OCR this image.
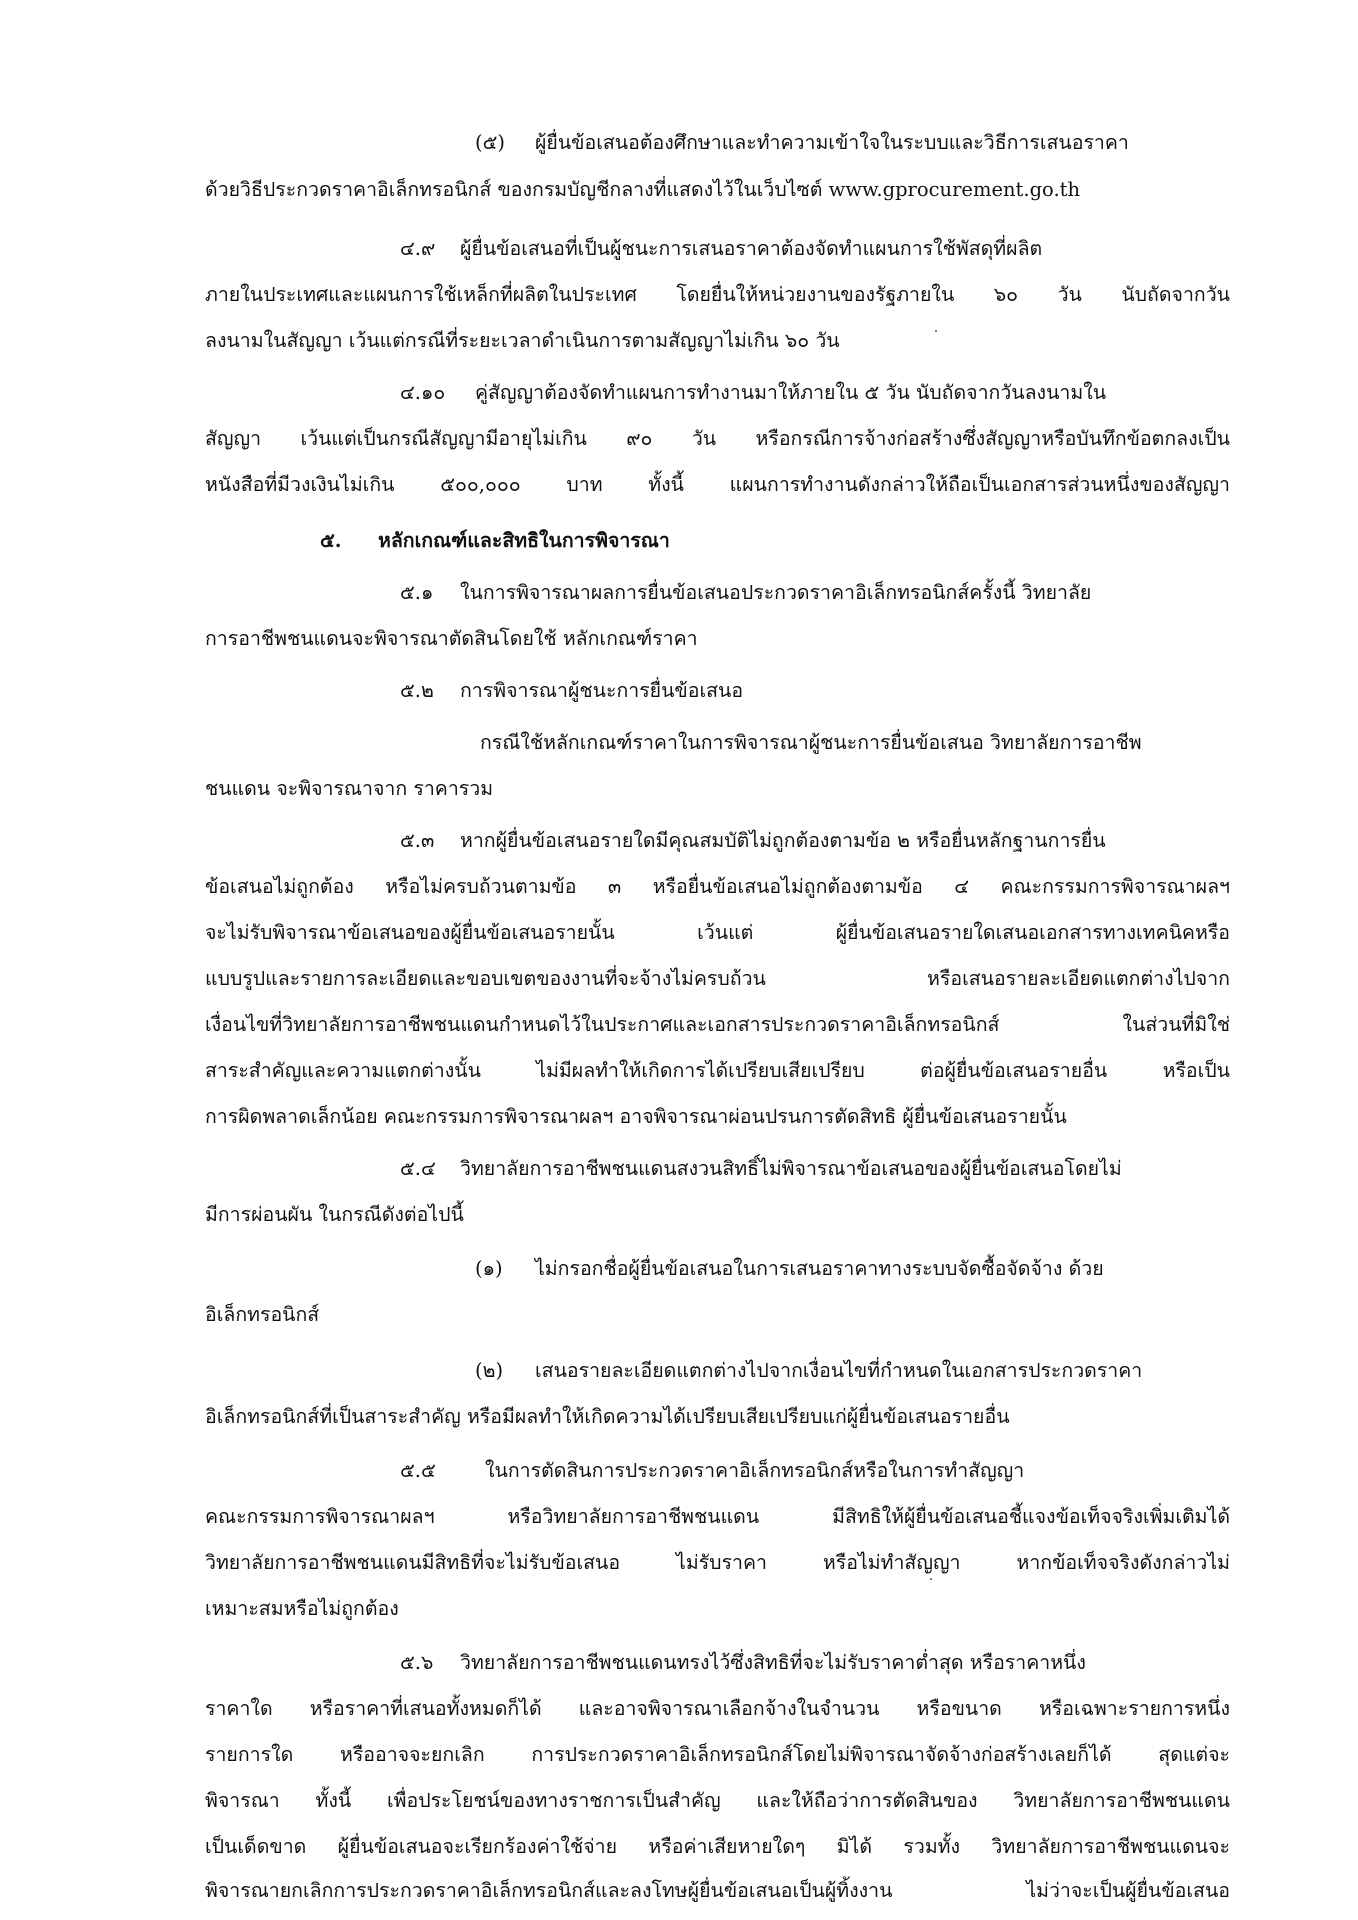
(๕) ผู้ยื่นข้อเสนอต้องศึกษาและทำความเข้าใจในระบบและวิธีการเสนอราคา
ด้วยวิธีประกวดราคาอิเล็กทรอนิกส์ ของกรมบัญชีกลางที่แสดงไว้ในเว็บไซต์ www.gprocurement.go.th
๔.๙ ผู้ยื่นข้อเสนอที่เป็นผู้ชนะการเสนอราคาต้องจัดทำแผนการใช้พัสดุที่ผลิต
ภายในประเทศและแผนการใช้เหล็กที่ผลิตในประเทศ โดยยื่นให้หน่วยงานของรัฐภายใน ๖๐ วัน นับถัดจากวัน
ลงนามในสัญญา เว้นแต่กรณีที่ระยะเวลาดำเนินการตามสัญญาไม่เกิน ๖๐ วัน
๔.๑๐ คู่สัญญาต้องจัดทำแผนการทำงานมาให้ภายใน ๕ วัน นับถัดจากวันลงนามใน
สัญญา เว้นแต่เป็นกรณีสัญญามีอายุไม่เกิน ๙๐ วัน หรือกรณีการจ้างก่อสร้างซึ่งสัญญาหรือบันทึกข้อตกลงเป็น
หนังสือที่มีวงเงินไม่เกิน ๕๐๐,๐๐๐ บาท ทั้งนี้ แผนการทำงานดังกล่าวให้ถือเป็นเอกสารส่วนหนึ่งของสัญญา
๕. หลักเกณฑ์และสิทธิในการพิจารณา
๕.๑ ในการพิจารณาผลการยื่นข้อเสนอประกวดราคาอิเล็กทรอนิกส์ครั้งนี้ วิทยาลัย
การอาชีพชนแดนจะพิจารณาตัดสินโดยใช้ หลักเกณฑ์ราคา
๕.๒ การพิจารณาผู้ชนะการยื่นข้อเสนอ
กรณีใช้หลักเกณฑ์ราคาในการพิจารณาผู้ชนะการยื่นข้อเสนอ วิทยาลัยการอาชีพ
ชนแดน จะพิจารณาจาก ราคารวม
๕.๓ หากผู้ยื่นข้อเสนอรายใดมีคุณสมบัติไม่ถูกต้องตามข้อ ๒ หรือยื่นหลักฐานการยื่น
ข้อเสนอไม่ถูกต้อง หรือไม่ครบถ้วนตามข้อ ๓ หรือยื่นข้อเสนอไม่ถูกต้องตามข้อ ๔ คณะกรรมการพิจารณาผลฯ
จะไม่รับพิจารณาข้อเสนอของผู้ยื่นข้อเสนอรายนั้น เว้นแต่ ผู้ยื่นข้อเสนอรายใดเสนอเอกสารทางเทคนิคหรือ
แบบรูปและรายการละเอียดและขอบเขตของงานที่จะจ้างไม่ครบถ้วน หรือเสนอรายละเอียดแตกต่างไปจาก
เงื่อนไขที่วิทยาลัยการอาชีพชนแดนกำหนดไว้ในประกาศและเอกสารประกวดราคาอิเล็กทรอนิกส์ ในส่วนที่มิใช่
สาระสำคัญและความแตกต่างนั้น ไม่มีผลทำให้เกิดการได้เปรียบเสียเปรียบ ต่อผู้ยื่นข้อเสนอรายอื่น หรือเป็น
การผิดพลาดเล็กน้อย คณะกรรมการพิจารณาผลฯ อาจพิจารณาผ่อนปรนการตัดสิทธิ ผู้ยื่นข้อเสนอรายนั้น
๕.๔ วิทยาลัยการอาชีพชนแดนสงวนสิทธิ์ไม่พิจารณาข้อเสนอของผู้ยื่นข้อเสนอโดยไม่
มีการผ่อนผัน ในกรณีดังต่อไปนี้
(๑) ไม่กรอกชื่อผู้ยื่นข้อเสนอในการเสนอราคาทางระบบจัดซื้อจัดจ้าง ด้วย
อิเล็กทรอนิกส์
(๒) เสนอรายละเอียดแตกต่างไปจากเงื่อนไขที่กำหนดในเอกสารประกวดราคา
อิเล็กทรอนิกส์ที่เป็นสาระสำคัญ หรือมีผลทำให้เกิดความได้เปรียบเสียเปรียบแก่ผู้ยื่นข้อเสนอรายอื่น
๕.๕	ในการตัดสินการประกวดราคาอิเล็กทรอนิกส์หรือในการทำสัญญา
คณะกรรมการพิจารณาผลฯ หรือวิทยาลัยการอาชีพชนแดน มีสิทธิให้ผู้ยื่นข้อเสนอชี้แจงข้อเท็จจริงเพิ่มเติมได้
วิทยาลัยการอาชีพชนแดนมีสิทธิที่จะไม่รับข้อเสนอ ไม่รับราคา หรือไม่ทำสัญญา หากข้อเท็จจริงดังกล่าวไม่
เหมาะสมหรือไม่ถูกต้อง
๕.๖ วิทยาลัยการอาชีพชนแดนทรงไว้ซึ่งสิทธิที่จะไม่รับราคาต่ำสุด หรือราคาหนึ่ง
ราคาใด หรือราคาที่เสนอทั้งหมดก็ได้ และอาจพิจารณาเลือกจ้างในจำนวน หรือขนาด หรือเฉพาะรายการหนึ่ง
รายการใด หรืออาจจะยกเลิก การประกวดราคาอิเล็กทรอนิกส์โดยไม่พิจารณาจัดจ้างก่อสร้างเลยก็ได้ สุดแต่จะ
พิจารณา ทั้งนี้ เพื่อประโยชน์ของทางราชการเป็นสำคัญ และให้ถือว่าการตัดสินของ วิทยาลัยการอาชีพชนแดน
เป็นเด็ดขาด ผู้ยื่นข้อเสนอจะเรียกร้องค่าใช้จ่าย หรือค่าเสียหายใดๆ มิได้ รวมทั้ง วิทยาลัยการอาชีพชนแดนจะ
พิจารณายกเลิกการประกวดราคาอิเล็กทรอนิกส์และลงโทษผู้ยื่นข้อเสนอเป็นผู้ทิ้งงาน ไม่ว่าจะเป็นผู้ยื่นข้อเสนอ
